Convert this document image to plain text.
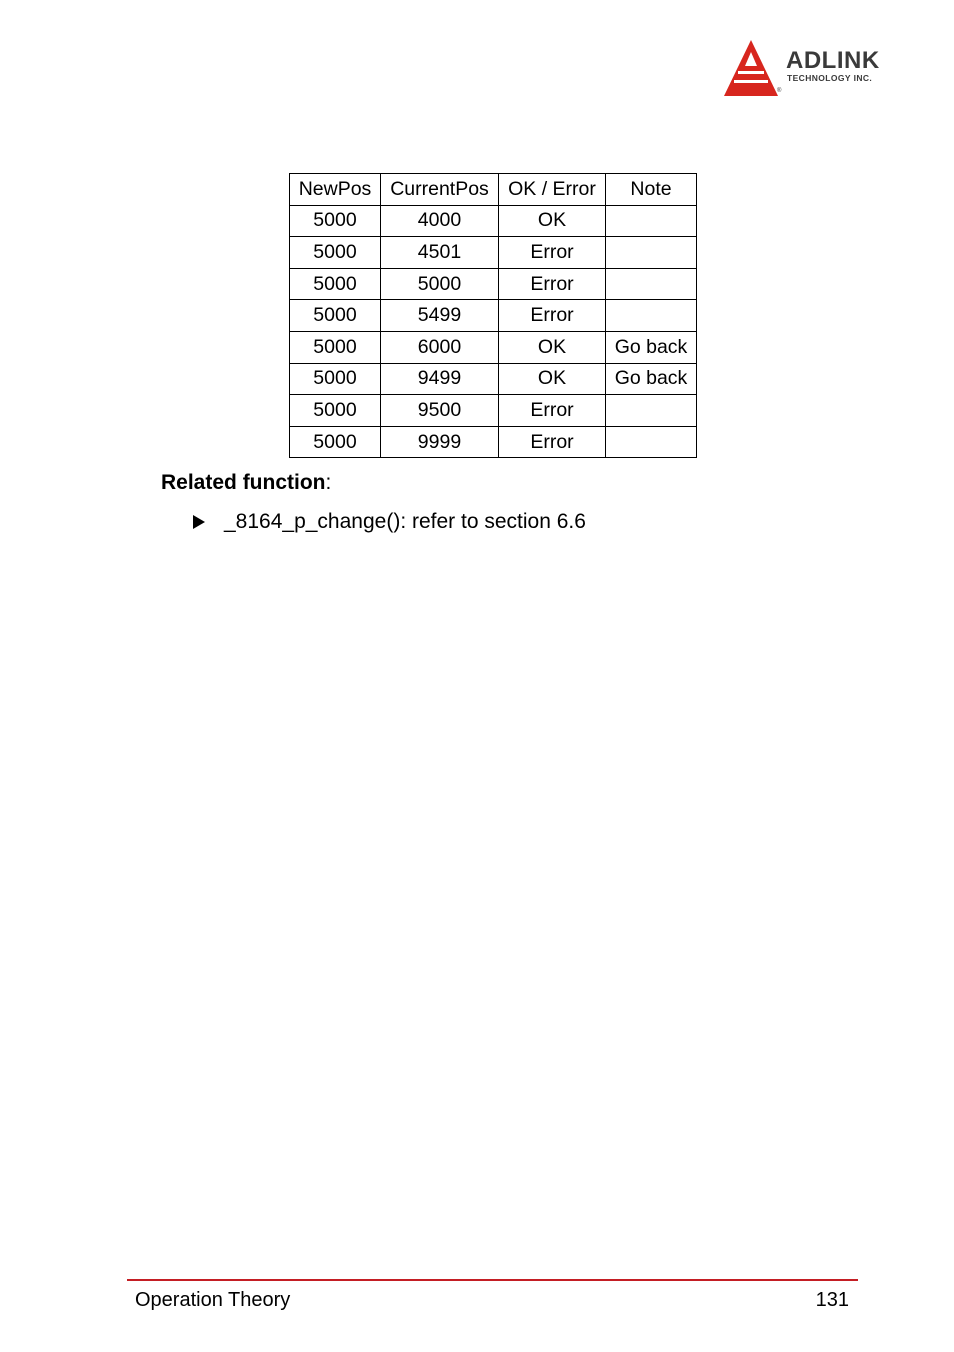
ADLINK
TECHNOLOGY INC.
®
NewPos	CurrentPos	OK / Error	Note
5000	4000	OK	
5000	4501	Error	
5000	5000	Error	
5000	5499	Error	
5000	6000	OK	Go back
5000	9499	OK	Go back
5000	9500	Error	
5000	9999	Error	
Related function:
_8164_p_change(): refer to section 6.6
Operation Theory	131
